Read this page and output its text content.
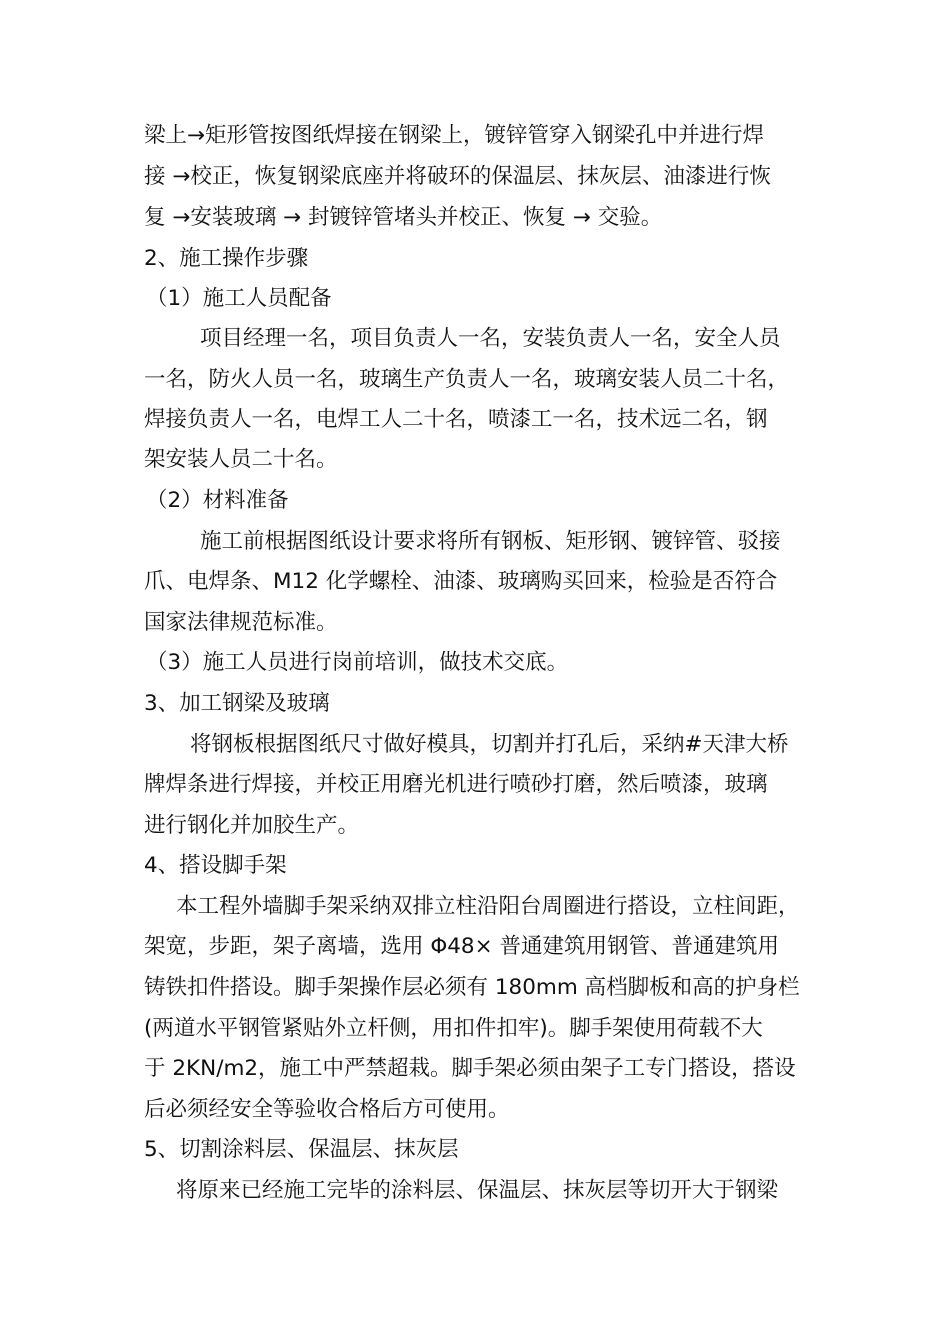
梁上→矩形管按图纸焊接在钢梁上，镀锌管穿入钢梁孔中并进行焊
接 →校正，恢复钢梁底座并将破环的保温层、抹灰层、油漆进行恢
复 →安装玻璃 → 封镀锌管堵头并校正、恢复 → 交验。
2、施工操作步骤
（1）施工人员配备
项目经理一名，项目负责人一名，安装负责人一名，安全人员
一名，防火人员一名，玻璃生产负责人一名，玻璃安装人员二十名，
焊接负责人一名，电焊工人二十名，喷漆工一名，技术远二名，钢
架安装人员二十名。
（2）材料准备
施工前根据图纸设计要求将所有钢板、矩形钢、镀锌管、驳接
爪、电焊条、M12 化学螺栓、油漆、玻璃购买回来，检验是否符合
国家法律规范标准。
（3）施工人员进行岗前培训，做技术交底。
3、加工钢梁及玻璃
将钢板根据图纸尺寸做好模具，切割并打孔后，采纳#天津大桥
牌焊条进行焊接，并校正用磨光机进行喷砂打磨，然后喷漆，玻璃
进行钢化并加胶生产。
4、搭设脚手架
本工程外墙脚手架采纳双排立柱沿阳台周圈进行搭设，立柱间距，
架宽，步距，架子离墙，选用 Φ48× 普通建筑用钢管、普通建筑用
铸铁扣件搭设。脚手架操作层必须有 180mm 高档脚板和高的护身栏
(两道水平钢管紧贴外立杆侧，用扣件扣牢)。脚手架使用荷载不大
于 2KN/m2，施工中严禁超栽。脚手架必须由架子工专门搭设，搭设
后必须经安全等验收合格后方可使用。
5、切割涂料层、保温层、抹灰层
将原来已经施工完毕的涂料层、保温层、抹灰层等切开大于钢梁
